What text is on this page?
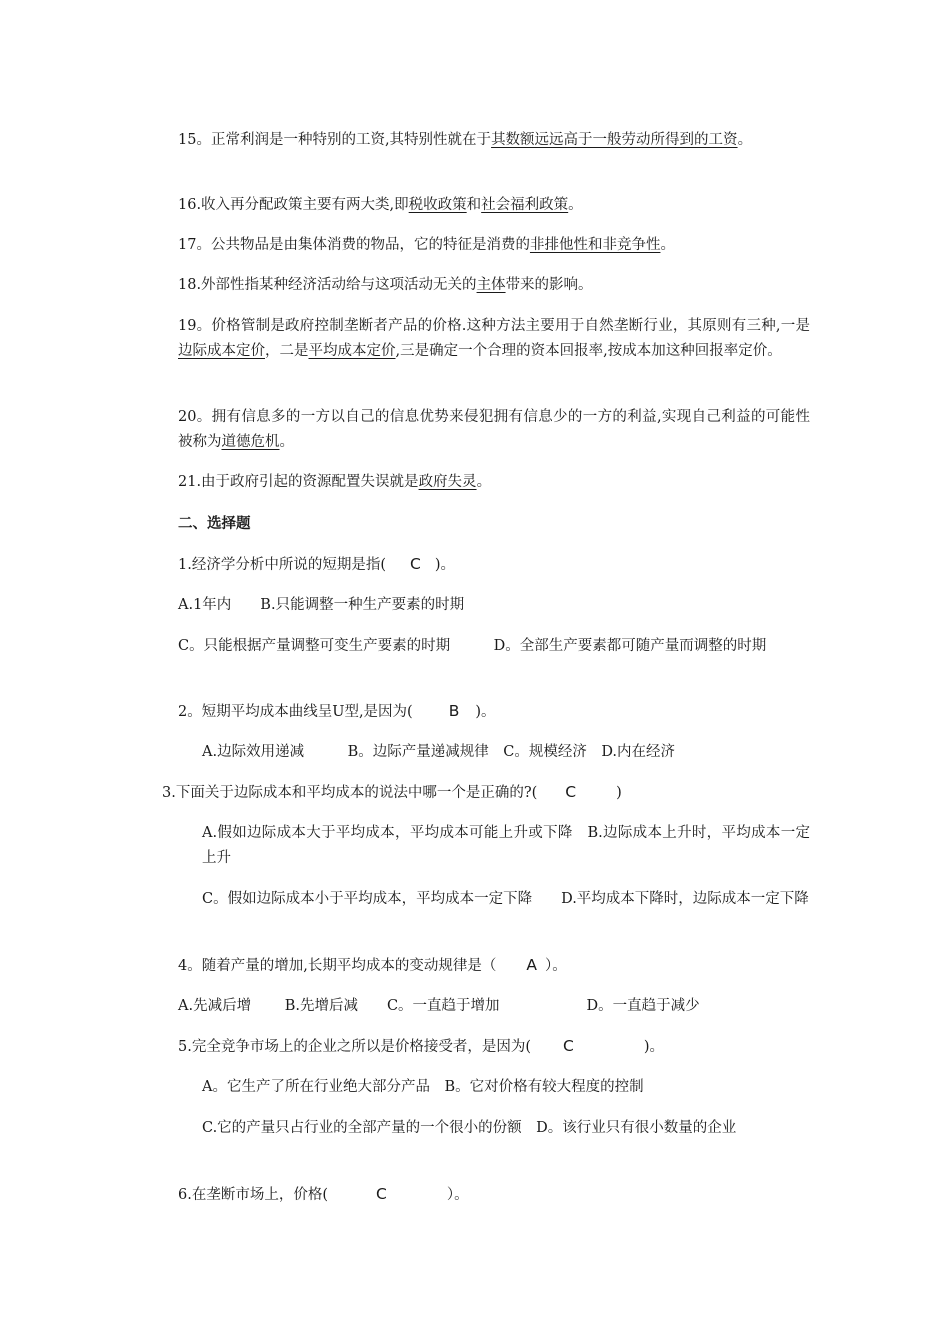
15。正常利润是一种特别的工资,其特别性就在于其数额远远高于一般劳动所得到的工资。
16.收入再分配政策主要有两大类,即税收政策和社会福利政策。
17。公共物品是由集体消费的物品，它的特征是消费的非排他性和非竞争性。
18.外部性指某种经济活动给与这项活动无关的主体带来的影响。
19。价格管制是政府控制垄断者产品的价格.这种方法主要用于自然垄断行业，其原则有三种,一是边际成本定价，二是平均成本定价,三是确定一个合理的资本回报率,按成本加这种回报率定价。
20。拥有信息多的一方以自己的信息优势来侵犯拥有信息少的一方的利益,实现自己利益的可能性被称为道德危机。
21.由于政府引起的资源配置失误就是政府失灵。
二、选择题
1.经济学分析中所说的短期是指( C )。
A.1年内　　B.只能调整一种生产要素的时期
C。只能根据产量调整可变生产要素的时期　　　D。全部生产要素都可随产量而调整的时期
2。短期平均成本曲线呈U型,是因为( B )。
A.边际效用递减　　　B。边际产量递减规律　C。规模经济　D.内在经济
3.下面关于边际成本和平均成本的说法中哪一个是正确的?( C	)
A.假如边际成本大于平均成本，平均成本可能上升或下降　B.边际成本上升时，平均成本一定上升
C。假如边际成本小于平均成本，平均成本一定下降　　D.平均成本下降时，边际成本一定下降
4。随着产量的增加,长期平均成本的变动规律是（ A ）。
A.先减后增　　 B.先增后减　　C。一直趋于增加　　　　　　D。一直趋于减少
5.完全竞争市场上的企业之所以是价格接受者，是因为( C	)。
A。它生产了所在行业绝大部分产品　B。它对价格有较大程度的控制
C.它的产量只占行业的全部产量的一个很小的份额　D。该行业只有很小数量的企业
6.在垄断市场上，价格(	C	）。
